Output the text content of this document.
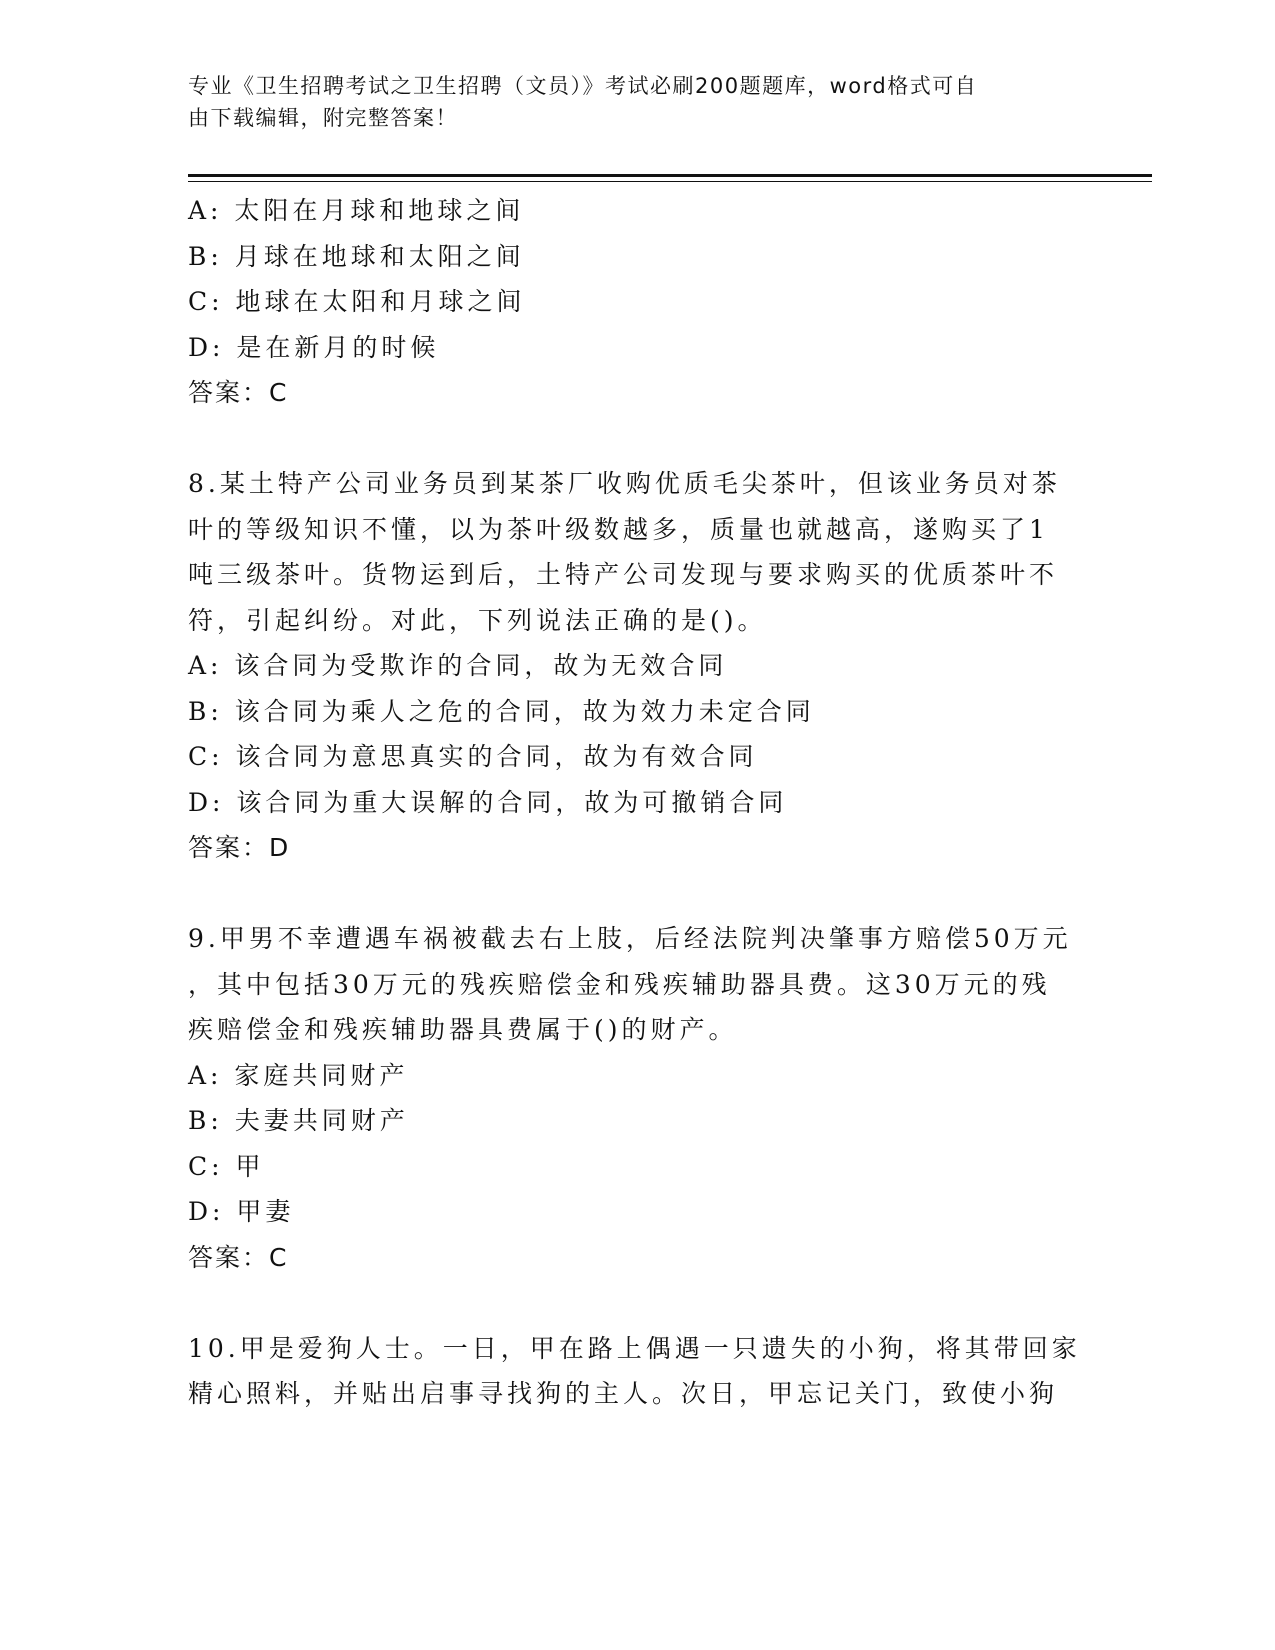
专业《卫生招聘考试之卫生招聘（文员）》考试必刷200题题库，word格式可自
由下载编辑，附完整答案！
A: 太阳在月球和地球之间
B: 月球在地球和太阳之间
C: 地球在太阳和月球之间
D: 是在新月的时候
答案：C
8.某土特产公司业务员到某茶厂收购优质毛尖茶叶，但该业务员对茶
叶的等级知识不懂，以为茶叶级数越多，质量也就越高，遂购买了1
吨三级茶叶。货物运到后，土特产公司发现与要求购买的优质茶叶不
符，引起纠纷。对此，下列说法正确的是()。
A: 该合同为受欺诈的合同，故为无效合同
B: 该合同为乘人之危的合同，故为效力未定合同
C: 该合同为意思真实的合同，故为有效合同
D: 该合同为重大误解的合同，故为可撤销合同
答案：D
9.甲男不幸遭遇车祸被截去右上肢，后经法院判决肇事方赔偿50万元
，其中包括30万元的残疾赔偿金和残疾辅助器具费。这30万元的残
疾赔偿金和残疾辅助器具费属于()的财产。
A: 家庭共同财产
B: 夫妻共同财产
C: 甲
D: 甲妻
答案：C
10.甲是爱狗人士。一日，甲在路上偶遇一只遗失的小狗，将其带回家
精心照料，并贴出启事寻找狗的主人。次日，甲忘记关门，致使小狗
